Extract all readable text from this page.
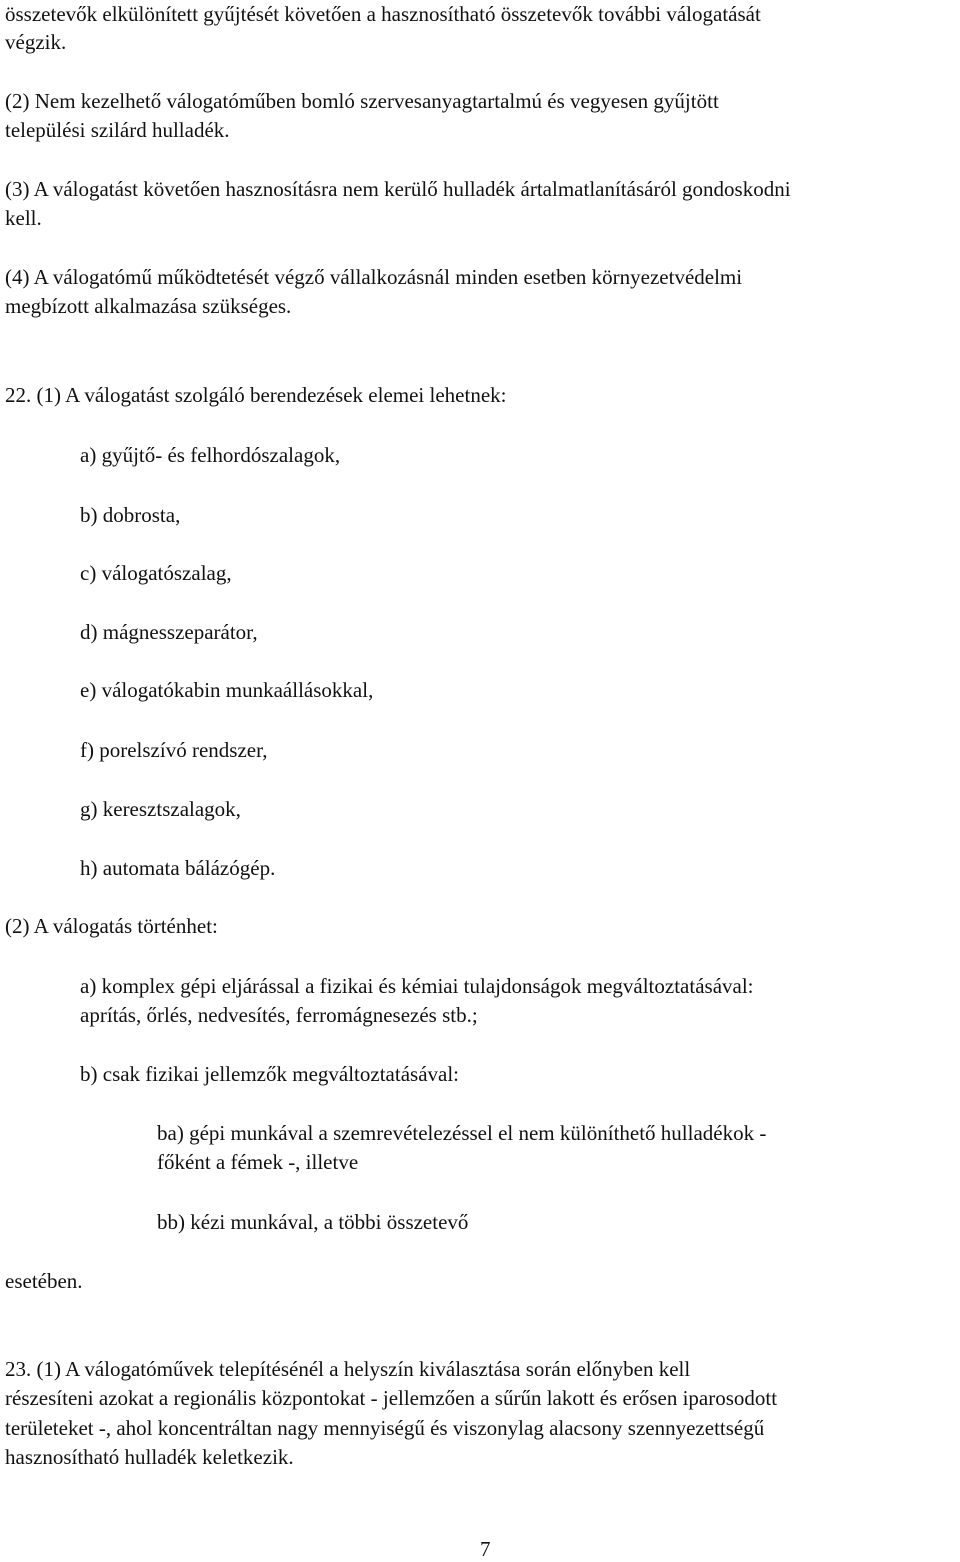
összetevők elkülönített gyűjtését követően a hasznosítható összetevők további válogatását
végzik.
(2) Nem kezelhető válogatóműben bomló szervesanyagtartalmú és vegyesen gyűjtött
települési szilárd hulladék.
(3) A válogatást követően hasznosításra nem kerülő hulladék ártalmatlanításáról gondoskodni
kell.
(4) A válogatómű működtetését végző vállalkozásnál minden esetben környezetvédelmi
megbízott alkalmazása szükséges.
22. (1) A válogatást szolgáló berendezések elemei lehetnek:
a) gyűjtő- és felhordószalagok,
b) dobrosta,
c) válogatószalag,
d) mágnesszeparátor,
e) válogatókabin munkaállásokkal,
f) porelszívó rendszer,
g) keresztszalagok,
h) automata bálázógép.
(2) A válogatás történhet:
a) komplex gépi eljárással a fizikai és kémiai tulajdonságok megváltoztatásával:
aprítás, őrlés, nedvesítés, ferromágnesezés stb.;
b) csak fizikai jellemzők megváltoztatásával:
ba) gépi munkával a szemrevételezéssel el nem különíthető hulladékok -
főként a fémek -, illetve
bb) kézi munkával, a többi összetevő
esetében.
23. (1) A válogatóművek telepítésénél a helyszín kiválasztása során előnyben kell
részesíteni azokat a regionális központokat - jellemzően a sűrűn lakott és erősen iparosodott
területeket -, ahol koncentráltan nagy mennyiségű és viszonylag alacsony szennyezettségű
hasznosítható hulladék keletkezik.
7
